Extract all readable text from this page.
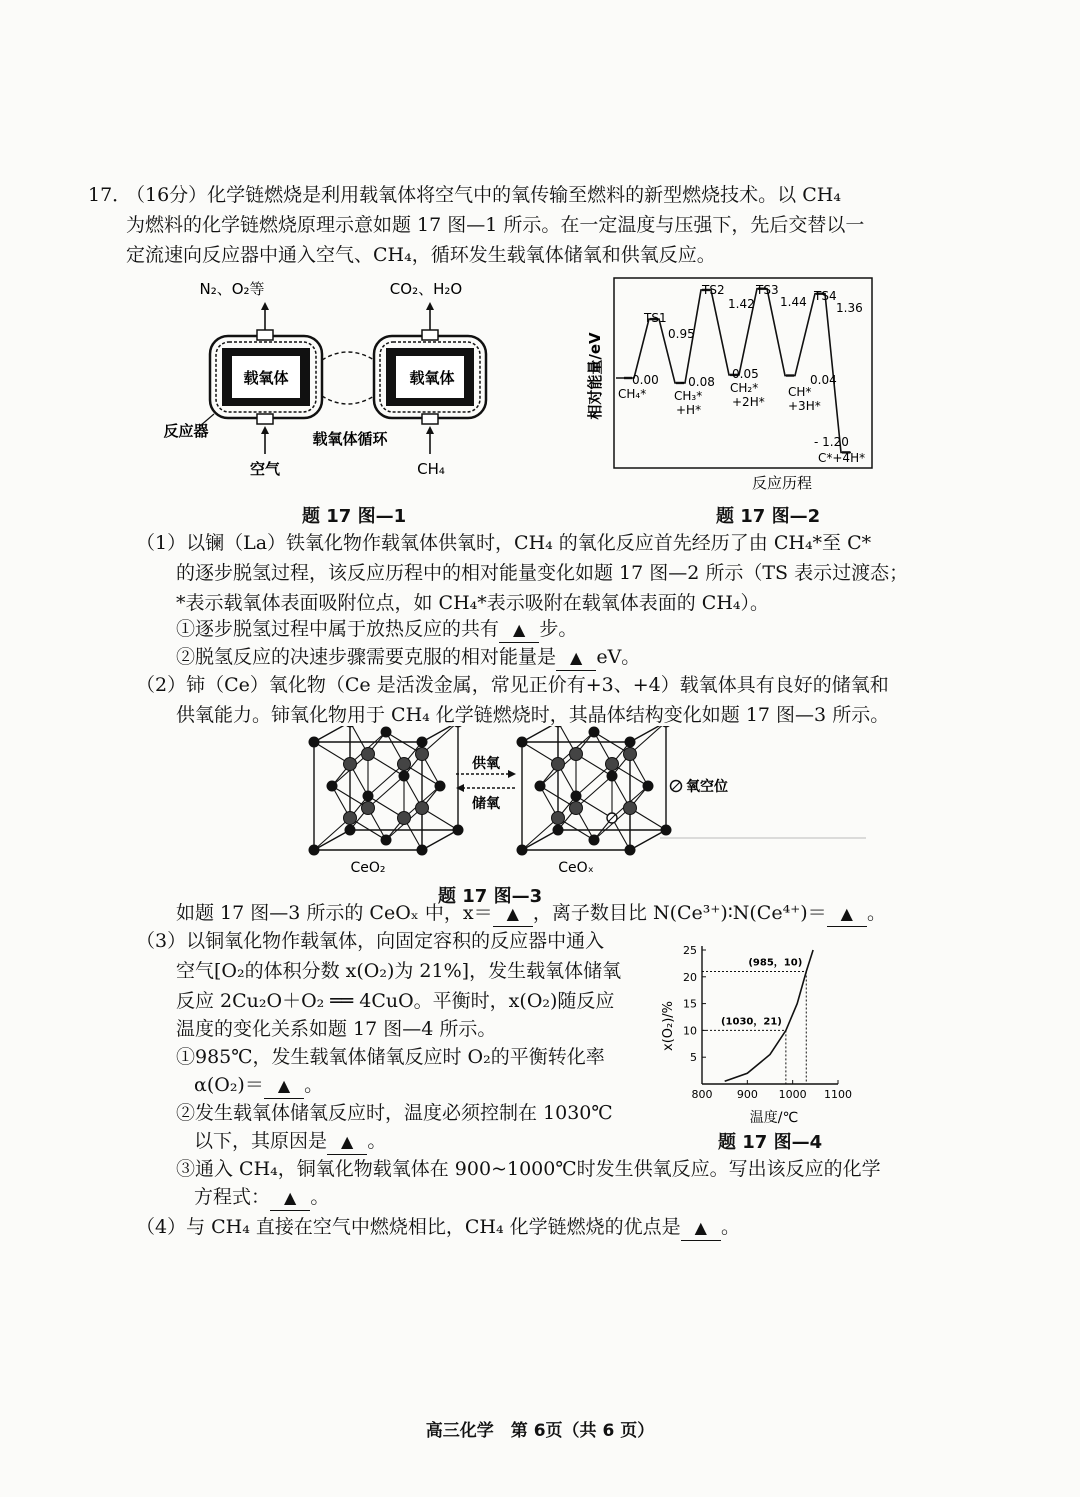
17．
（16分）化学链燃烧是利用载氧体将空气中的氧传输至燃料的新型燃烧技术。以 CH₄
为燃料的化学链燃烧原理示意如题 17 图—1 所示。在一定温度与压强下，先后交替以一
定流速向反应器中通入空气、CH₄，循环发生载氧体储氧和供氧反应。
N₂、O₂等	CO₂、H₂O
载氧体	载氧体
反应器	载氧体循环
空气	CH₄
题 17 图—1
相对能量/eV 0.00
CH₄*
TS1
0.95
- 0.08
CH₃*
+H*
TS2
1.42
0.05
CH₂*
+2H*
TS3
1.44
0.04
CH*
+3H*
TS4
1.36
- 1.20
C*+4H*
反应历程
题 17 图—2
（1）以镧（La）铁氧化物作载氧体供氧时，CH₄ 的氧化反应首先经历了由 CH₄*至 C*
的逐步脱氢过程，该反应历程中的相对能量变化如题 17 图—2 所示（TS 表示过渡态；
*表示载氧体表面吸附位点，如 CH₄*表示吸附在载氧体表面的 CH₄）。
①逐步脱氢过程中属于放热反应的共有 ▲ 步。
②脱氢反应的决速步骤需要克服的相对能量是 ▲ eV。
（2）铈（Ce）氧化物（Ce 是活泼金属，常见正价有+3、+4）载氧体具有良好的储氧和
供氧能力。铈氧化物用于 CH₄ 化学链燃烧时，其晶体结构变化如题 17 图—3 所示。
供氧
储氧
氧空位
CeO₂	CeOₓ
题 17 图—3
如题 17 图—3 所示的 CeOₓ 中，x＝ ▲ ，离子数目比 N(Ce³⁺)∶N(Ce⁴⁺)＝ ▲ 。
（3）以铜氧化物作载氧体，向固定容积的反应器中通入
空气[O₂的体积分数 x(O₂)为 21%]，发生载氧体储氧
反应 2Cu₂O＋O₂ ══ 4CuO。平衡时，x(O₂)随反应
温度的变化关系如题 17 图—4 所示。
①985℃，发生载氧体储氧反应时 O₂的平衡转化率
α(O₂)＝ ▲ 。
②发生载氧体储氧反应时，温度必须控制在 1030℃
以下，其原因是 ▲ 。
③通入 CH₄，铜氧化物载氧体在 900~1000℃时发生供氧反应。写出该反应的化学
方程式： ▲ 。
x(O₂)/%
800 900 1000 1100
5
10
15
20
25
(1030，21)
(985，10)
温度/℃
题 17 图—4
（4）与 CH₄ 直接在空气中燃烧相比，CH₄ 化学链燃烧的优点是 ▲ 。
高三化学　第 6页（共 6 页）
